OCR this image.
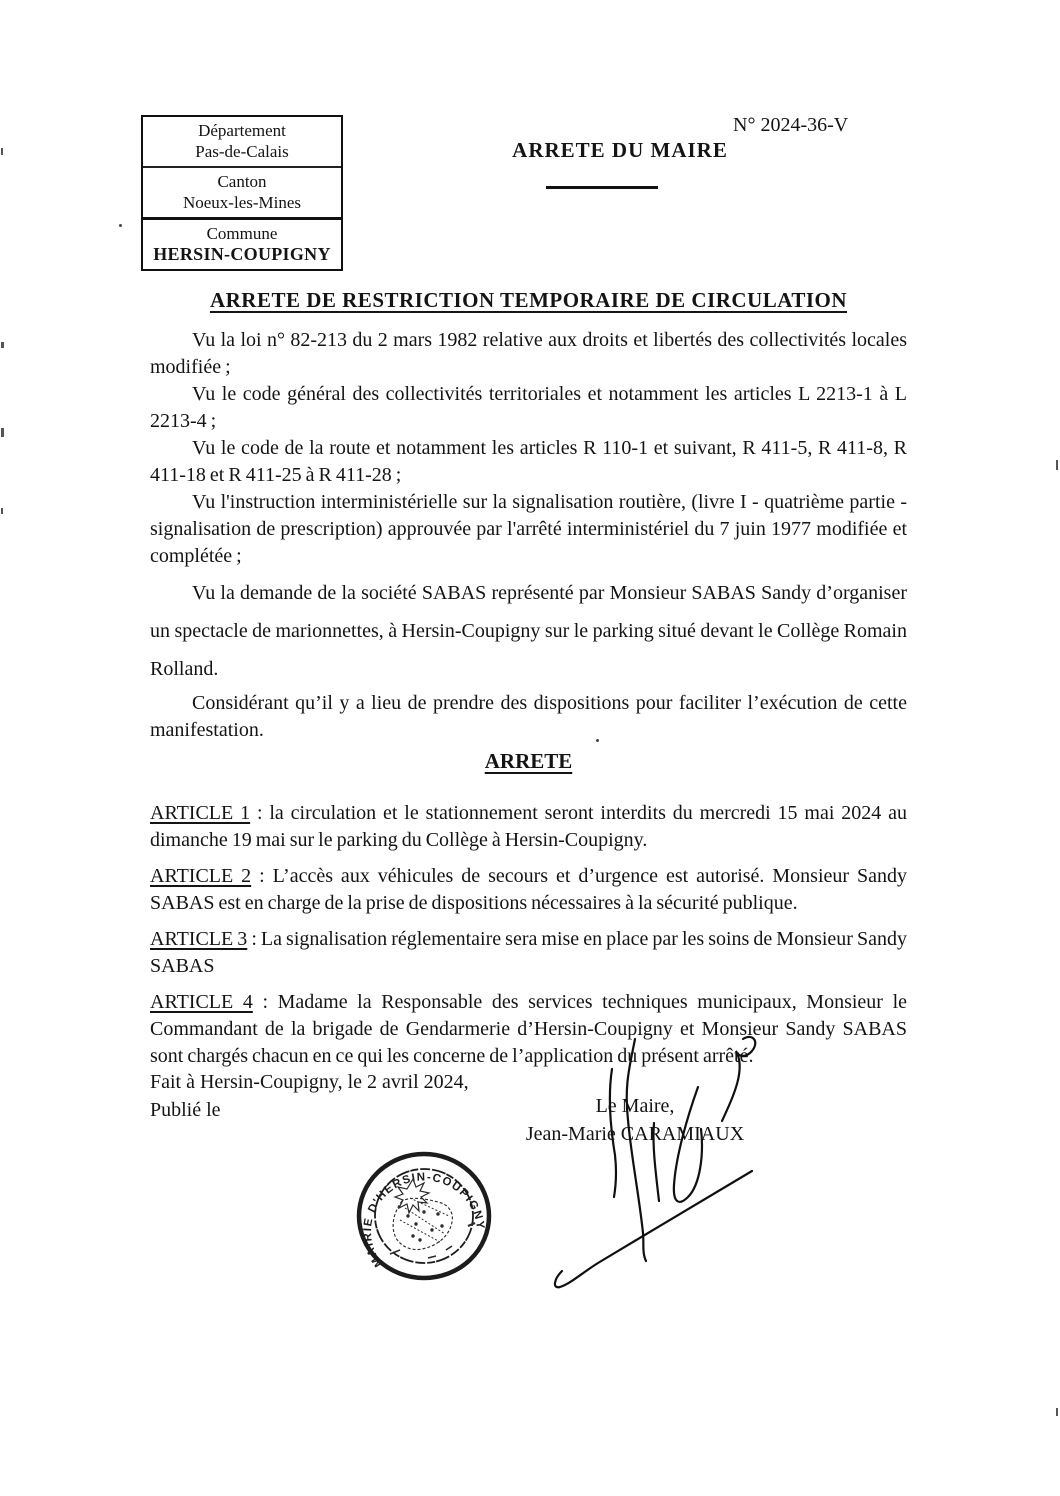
Département
Pas-de-Calais
Canton
Noeux-les-Mines
Commune
HERSIN-COUPIGNY
N° 2024-36-V
ARRETE DU MAIRE
ARRETE DE RESTRICTION TEMPORAIRE DE CIRCULATION

Vu la loi n° 82-213 du 2 mars 1982 relative aux droits et libertés des collectivités locales modifiée ;

Vu le code général des collectivités territoriales et notamment les articles L 2213-1 à L 2213-4 ;

Vu le code de la route et notamment les articles R 110-1 et suivant, R 411-5, R 411-8, R 411-18 et R 411-25 à R 411-28 ;

Vu l'instruction interministérielle sur la signalisation routière, (livre I - quatrième partie - signalisation de prescription) approuvée par l'arrêté interministériel du 7 juin 1977 modifiée et complétée ;

Vu la demande de la société SABAS représenté par Monsieur SABAS Sandy d’organiser un spectacle de marionnettes, à Hersin-Coupigny sur le parking situé devant le Collège Romain Rolland.

Considérant qu’il y a lieu de prendre des dispositions pour faciliter l’exécution de cette manifestation.

ARRETE

ARTICLE 1 : la circulation et le stationnement seront interdits du mercredi 15 mai 2024 au dimanche 19 mai sur le parking du Collège à Hersin-Coupigny.

ARTICLE 2 : L’accès aux véhicules de secours et d’urgence est autorisé. Monsieur Sandy SABAS est en charge de la prise de dispositions nécessaires à la sécurité publique.

ARTICLE 3 : La signalisation réglementaire sera mise en place par les soins de Monsieur Sandy SABAS

ARTICLE 4 : Madame la Responsable des services techniques municipaux, Monsieur le Commandant de la brigade de Gendarmerie d’Hersin-Coupigny et Monsieur Sandy SABAS sont chargés chacun en ce qui les concerne de l’application du présent arrêté.

Fait à Hersin-Coupigny, le 2 avril 2024,
Publié le	Le Maire,
Jean-Marie CARAMIAUX
MAIRIE D'HERSIN-COUPIGNY
